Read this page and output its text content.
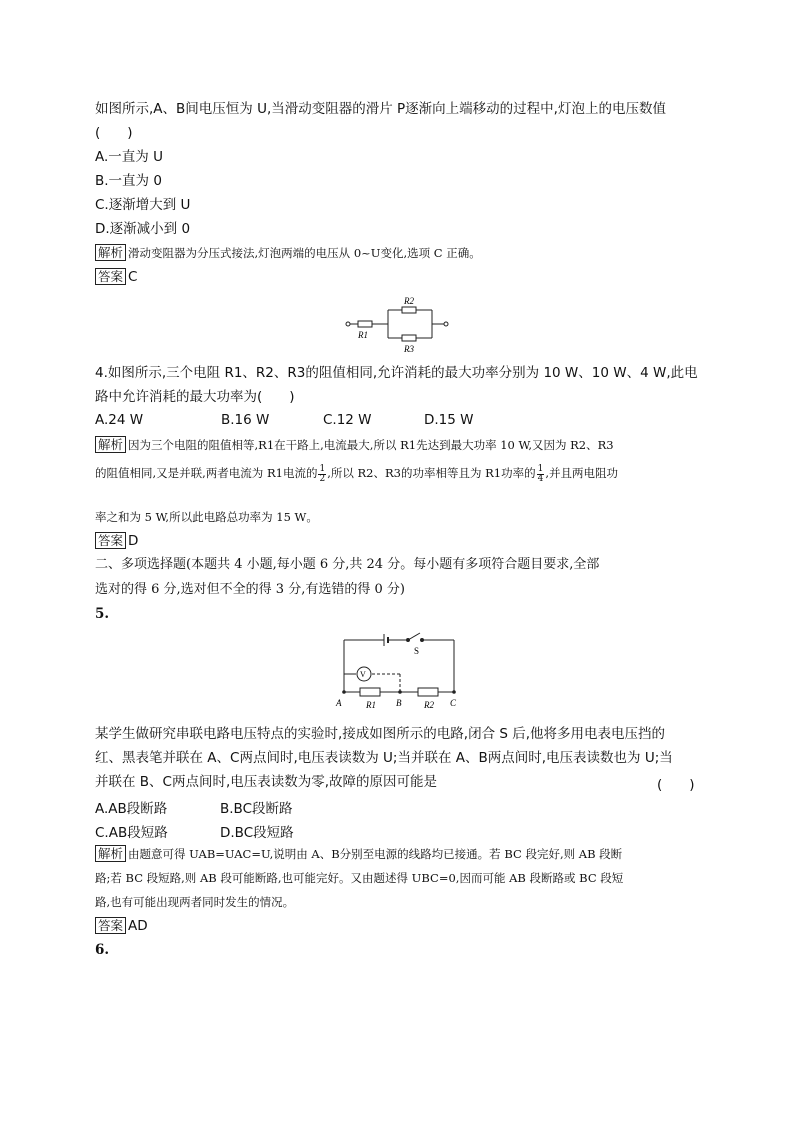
如图所示,A、B间电压恒为 U,当滑动变阻器的滑片 P逐渐向上端移动的过程中,灯泡上的电压数值
(　　)
A.一直为 U
B.一直为 0
C.逐渐增大到 U
D.逐渐减小到 0
解析 滑动变阻器为分压式接法,灯泡两端的电压从 0~U变化,选项 C 正确。
答案 C
R2
R1
R3
4.如图所示,三个电阻 R1、R2、R3的阻值相同,允许消耗的最大功率分别为 10 W、10 W、4 W,此电
路中允许消耗的最大功率为(　　)
A.24 W	B.16 W	C.12 W	D.15 W
解析 因为三个电阻的阻值相等,R1在干路上,电流最大,所以 R1先达到最大功率 10 W,又因为 R2、R3
的阻值相同,又是并联,两者电流为 R1电流的 $\frac{1}{2}$ ,所以 R2、R3的功率相等且为 R1功率的 $\frac{1}{4}$ ,并且两电阻功
率之和为 5 W,所以此电路总功率为 15 W。
答案 D
二、多项选择题(本题共 4 小题,每小题 6 分,共 24 分。每小题有多项符合题目要求,全部
选对的得 6 分,选对但不全的得 3 分,有选错的得 0 分)
5.
S
V
A	R1 B	R2 C
某学生做研究串联电路电压特点的实验时,接成如图所示的电路,闭合 S 后,他将多用电表电压挡的
红、黑表笔并联在 A、C两点间时,电压表读数为 U;当并联在 A、B两点间时,电压表读数也为 U;当
并联在 B、C两点间时,电压表读数为零,故障的原因可能是	(　　)
A.AB段断路	B.BC段断路
C.AB段短路	D.BC段短路
解析 由题意可得 UAB=UAC=U,说明由 A、B分别至电源的线路均已接通。若 BC 段完好,则 AB 段断
路;若 BC 段短路,则 AB 段可能断路,也可能完好。又由题述得 UBC=0,因而可能 AB 段断路或 BC 段短
路,也有可能出现两者同时发生的情况。
答案 AD
6.
